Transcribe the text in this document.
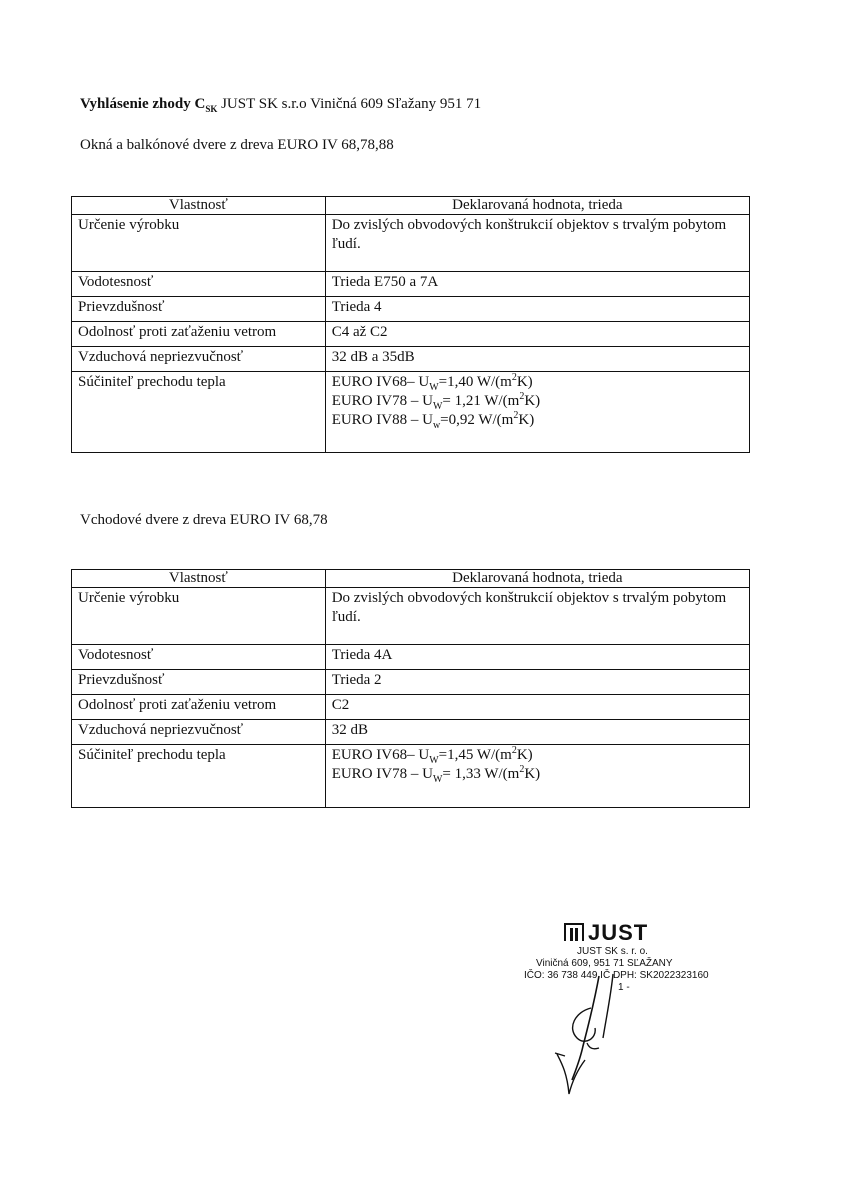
Vyhlásenie zhody $C_{SK}$ JUST SK s.r.o Viničná 609 Sľažany 951 71
Okná a balkónové dvere z dreva EURO IV 68,78,88
Vlastnosť	Deklarovaná hodnota, trieda
Určenie výrobku	Do zvislých obvodových konštrukcií objektov s trvalým pobytom ľudí.
Vodotesnosť	Trieda E750 a 7A
Prievzdušnosť	Trieda 4
Odolnosť proti zaťaženiu vetrom	C4 až C2
Vzduchová nepriezvučnosť	32 dB a 35dB
Súčiniteľ prechodu tepla	EURO IV68– $U_W=1,40$ $W/(m^2K)$
EURO $IV78 - U_W= 1,21$ $W/(m^2K)$
EURO $IV88 - U_w=0,92$ $W/(m^2K)$
Vchodové dvere z dreva EURO IV 68,78
Vlastnosť	Deklarovaná hodnota, trieda
Určenie výrobku	Do zvislých obvodových konštrukcií objektov s trvalým pobytom ľudí.
Vodotesnosť	Trieda 4A
Prievzdušnosť	Trieda 2
Odolnosť proti zaťaženiu vetrom	C2
Vzduchová nepriezvučnosť	32 dB
Súčiniteľ prechodu tepla	EURO IV68– $U_W=1,45$ $W/(m^2K)$
EURO $IV78 - U_W= 1,33$ $W/(m^2K)$
JUST
JUST SK s. r. o.
Viničná 609, 951 71 SĽAŽANY
IČO: 36 738 449 IČ DPH: SK2022323160
1 -
